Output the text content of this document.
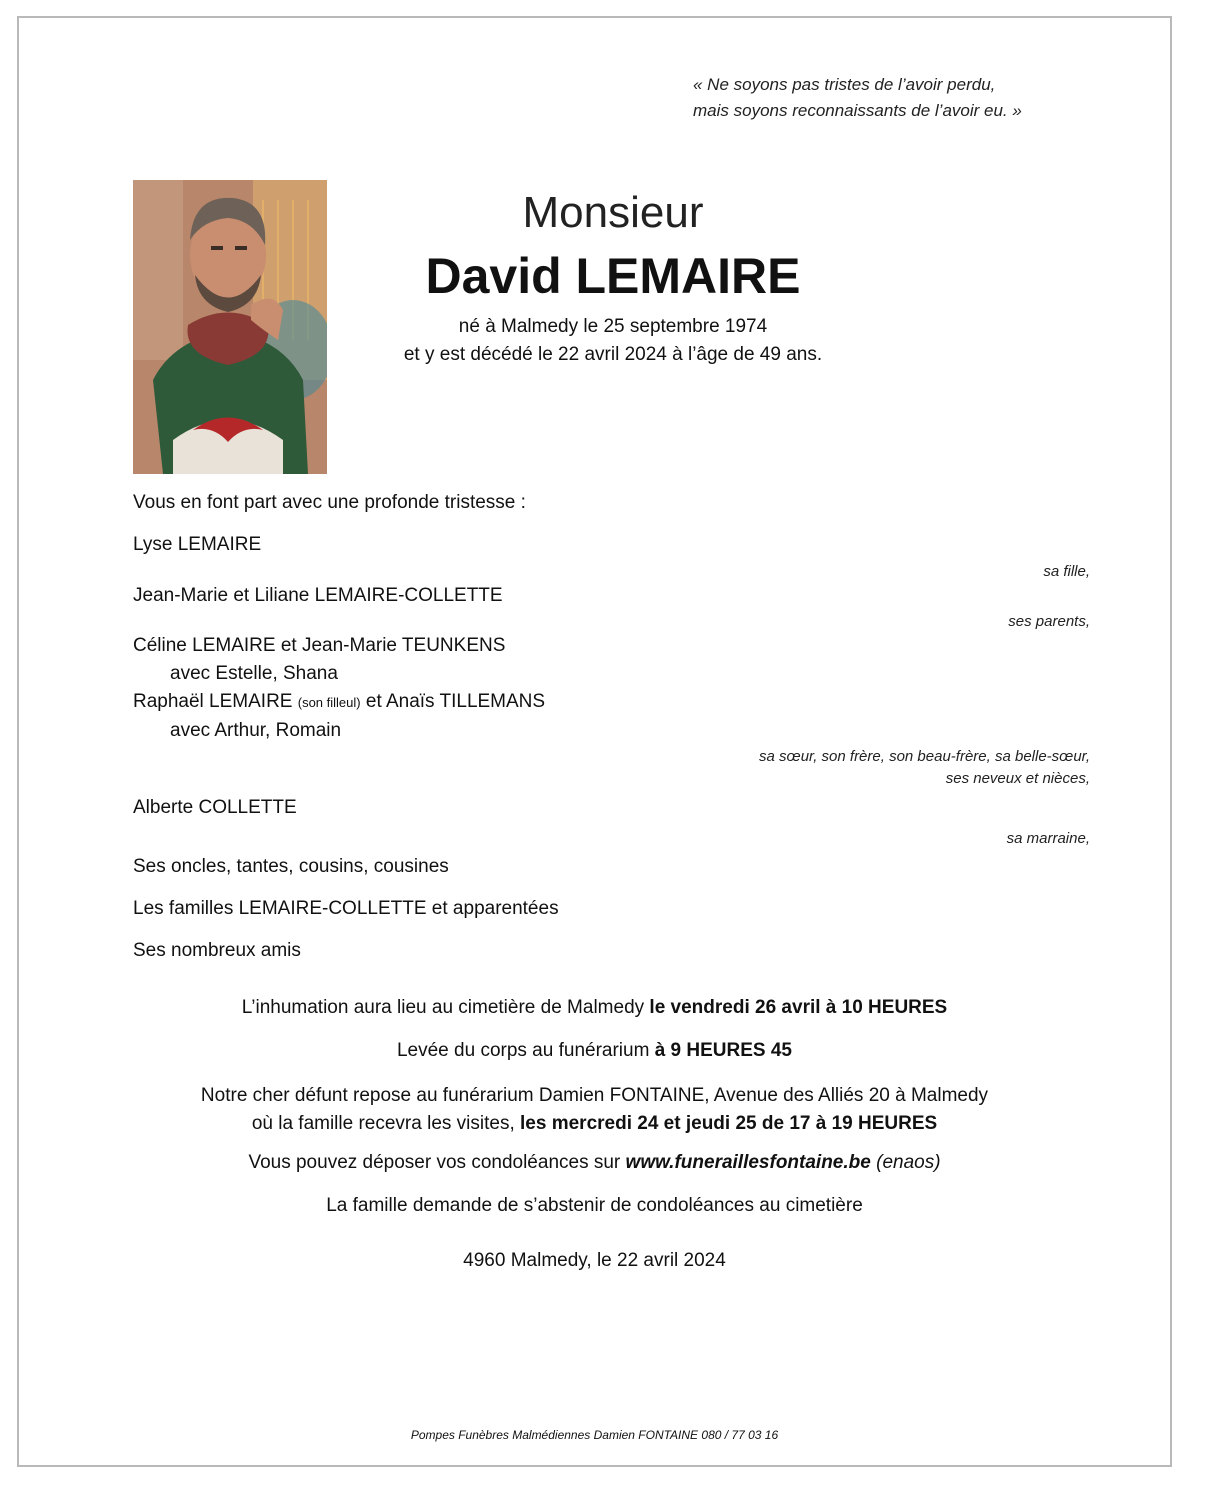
« Ne soyons pas tristes de l’avoir perdu,
mais soyons reconnaissants de l’avoir eu. »
Monsieur
David LEMAIRE
né à Malmedy le 25 septembre 1974
et y est décédé le 22 avril 2024 à l’âge de 49 ans.
Vous en font part avec une profonde tristesse :
Lyse LEMAIRE
sa fille,
Jean-Marie et Liliane LEMAIRE-COLLETTE
ses parents,
Céline LEMAIRE et Jean-Marie TEUNKENS
avec Estelle, Shana
Raphaël LEMAIRE (son filleul) et Anaïs TILLEMANS
avec Arthur, Romain
sa sœur, son frère, son beau-frère, sa belle-sœur,
ses neveux et nièces,
Alberte COLLETTE
sa marraine,
Ses oncles, tantes, cousins, cousines
Les familles LEMAIRE-COLLETTE et apparentées
Ses nombreux amis
L’inhumation aura lieu au cimetière de Malmedy le vendredi 26 avril à 10 HEURES
Levée du corps au funérarium à 9 HEURES 45
Notre cher défunt repose au funérarium Damien FONTAINE, Avenue des Alliés 20 à Malmedy
où la famille recevra les visites, les mercredi 24 et jeudi 25 de 17 à 19 HEURES
Vous pouvez déposer vos condoléances sur www.funeraillesfontaine.be (enaos)
La famille demande de s’abstenir de condoléances au cimetière
4960 Malmedy, le 22 avril 2024
Pompes Funèbres Malmédiennes Damien FONTAINE 080 / 77 03 16
